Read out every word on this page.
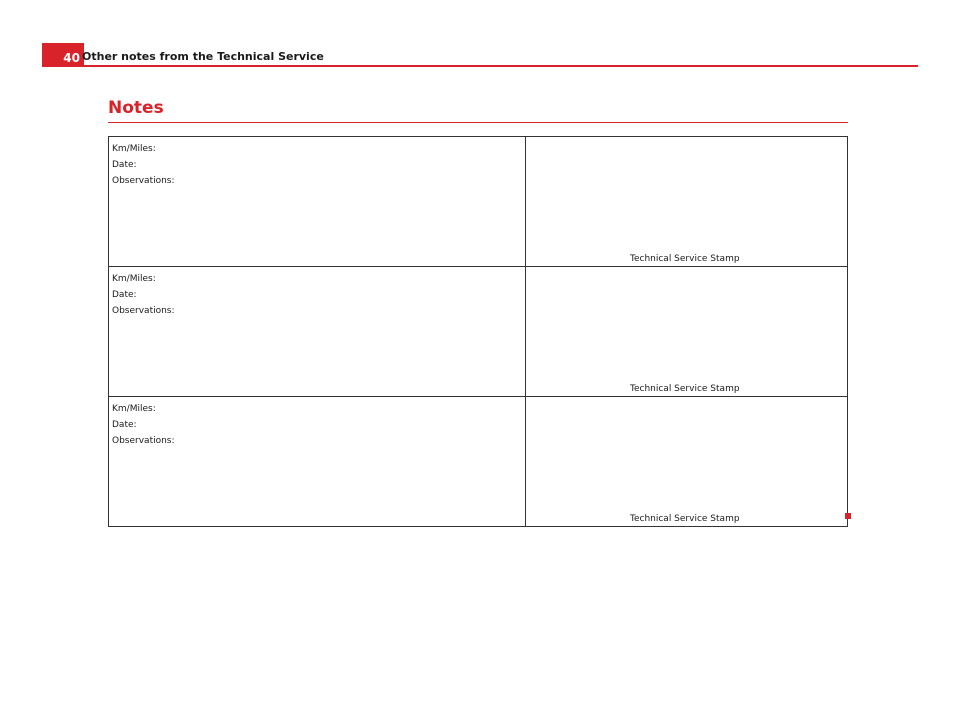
40 Other notes from the Technical Service
Notes
Km/Miles:
Date:
Observations:
Technical Service Stamp
Km/Miles:
Date:
Observations:
Technical Service Stamp
Km/Miles:
Date:
Observations:
Technical Service Stamp
